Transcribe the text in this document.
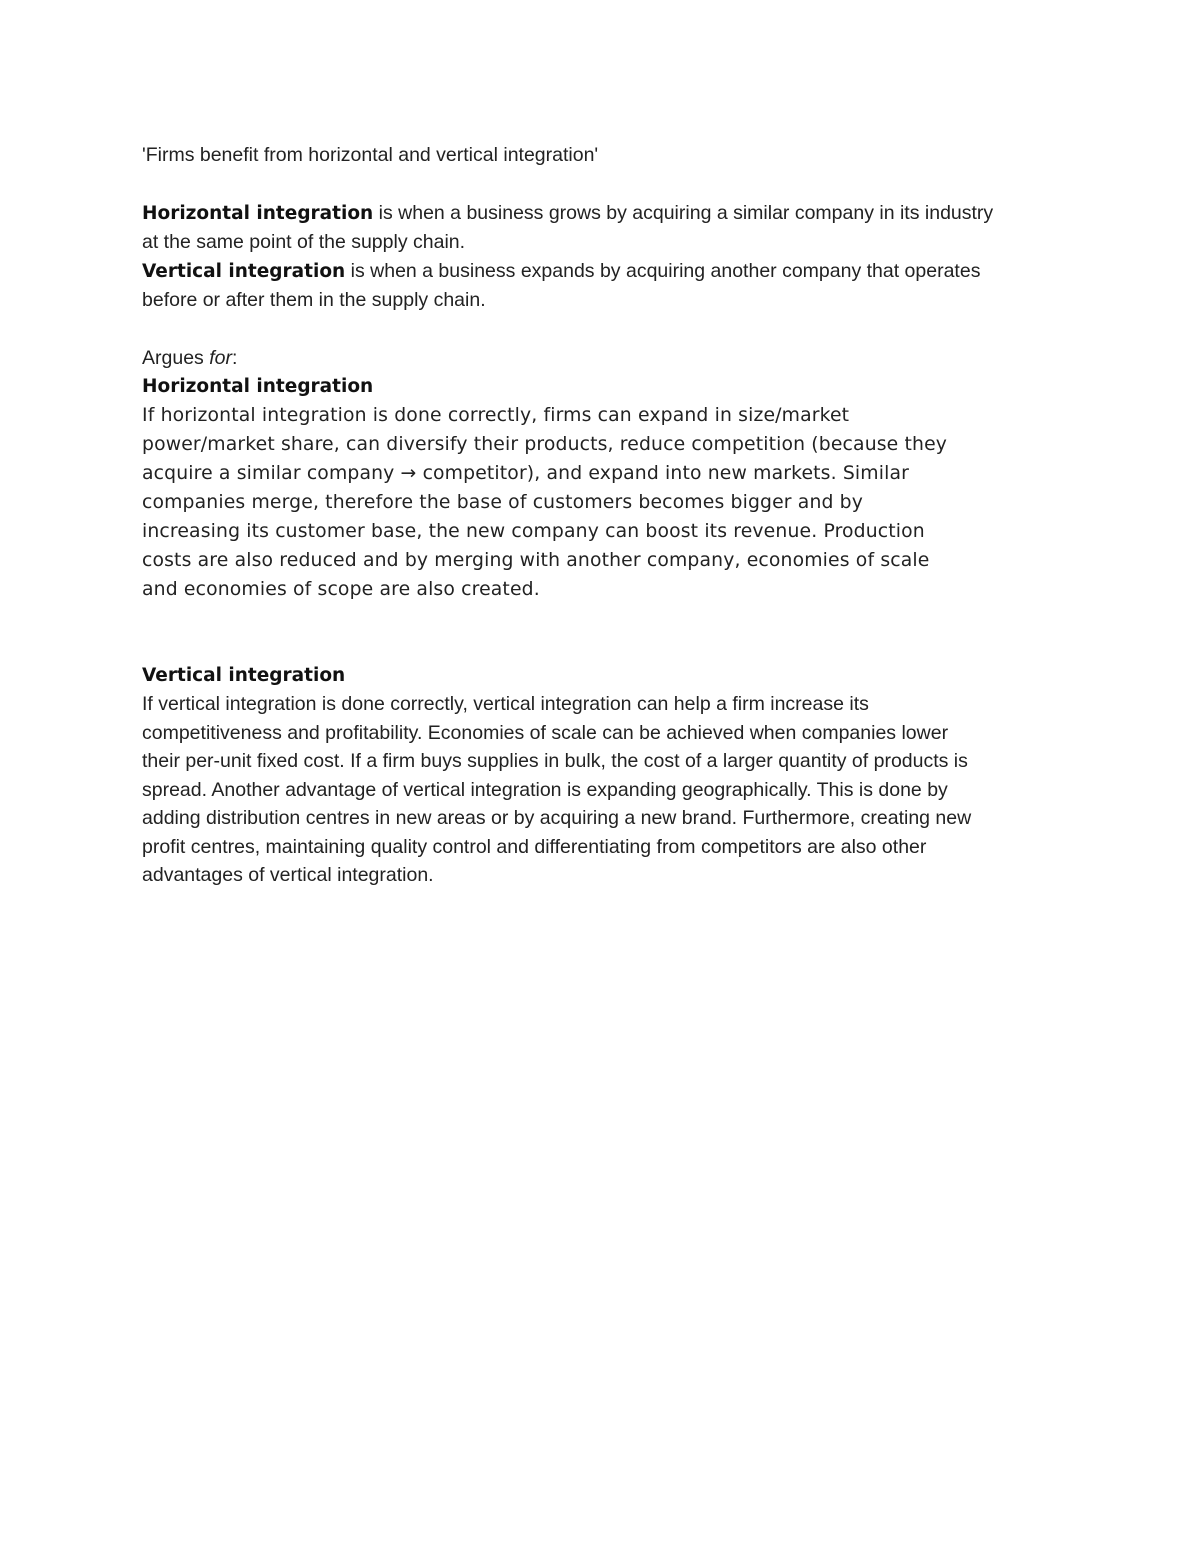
'Firms benefit from horizontal and vertical integration'

Horizontal integration is when a business grows by acquiring a similar company in its industry

at the same point of the supply chain.

Vertical integration is when a business expands by acquiring another company that operates

before or after them in the supply chain.

Argues for:

Horizontal integration

If horizontal integration is done correctly, firms can expand in size/market

power/market share, can diversify their products, reduce competition (because they

acquire a similar company → competitor), and expand into new markets. Similar

companies merge, therefore the base of customers becomes bigger and by

increasing its customer base, the new company can boost its revenue. Production

costs are also reduced and by merging with another company, economies of scale

and economies of scope are also created.

Vertical integration

If vertical integration is done correctly, vertical integration can help a firm increase its

competitiveness and profitability. Economies of scale can be achieved when companies lower

their per-unit fixed cost. If a firm buys supplies in bulk, the cost of a larger quantity of products is

spread. Another advantage of vertical integration is expanding geographically. This is done by

adding distribution centres in new areas or by acquiring a new brand. Furthermore, creating new

profit centres, maintaining quality control and differentiating from competitors are also other

advantages of vertical integration.
